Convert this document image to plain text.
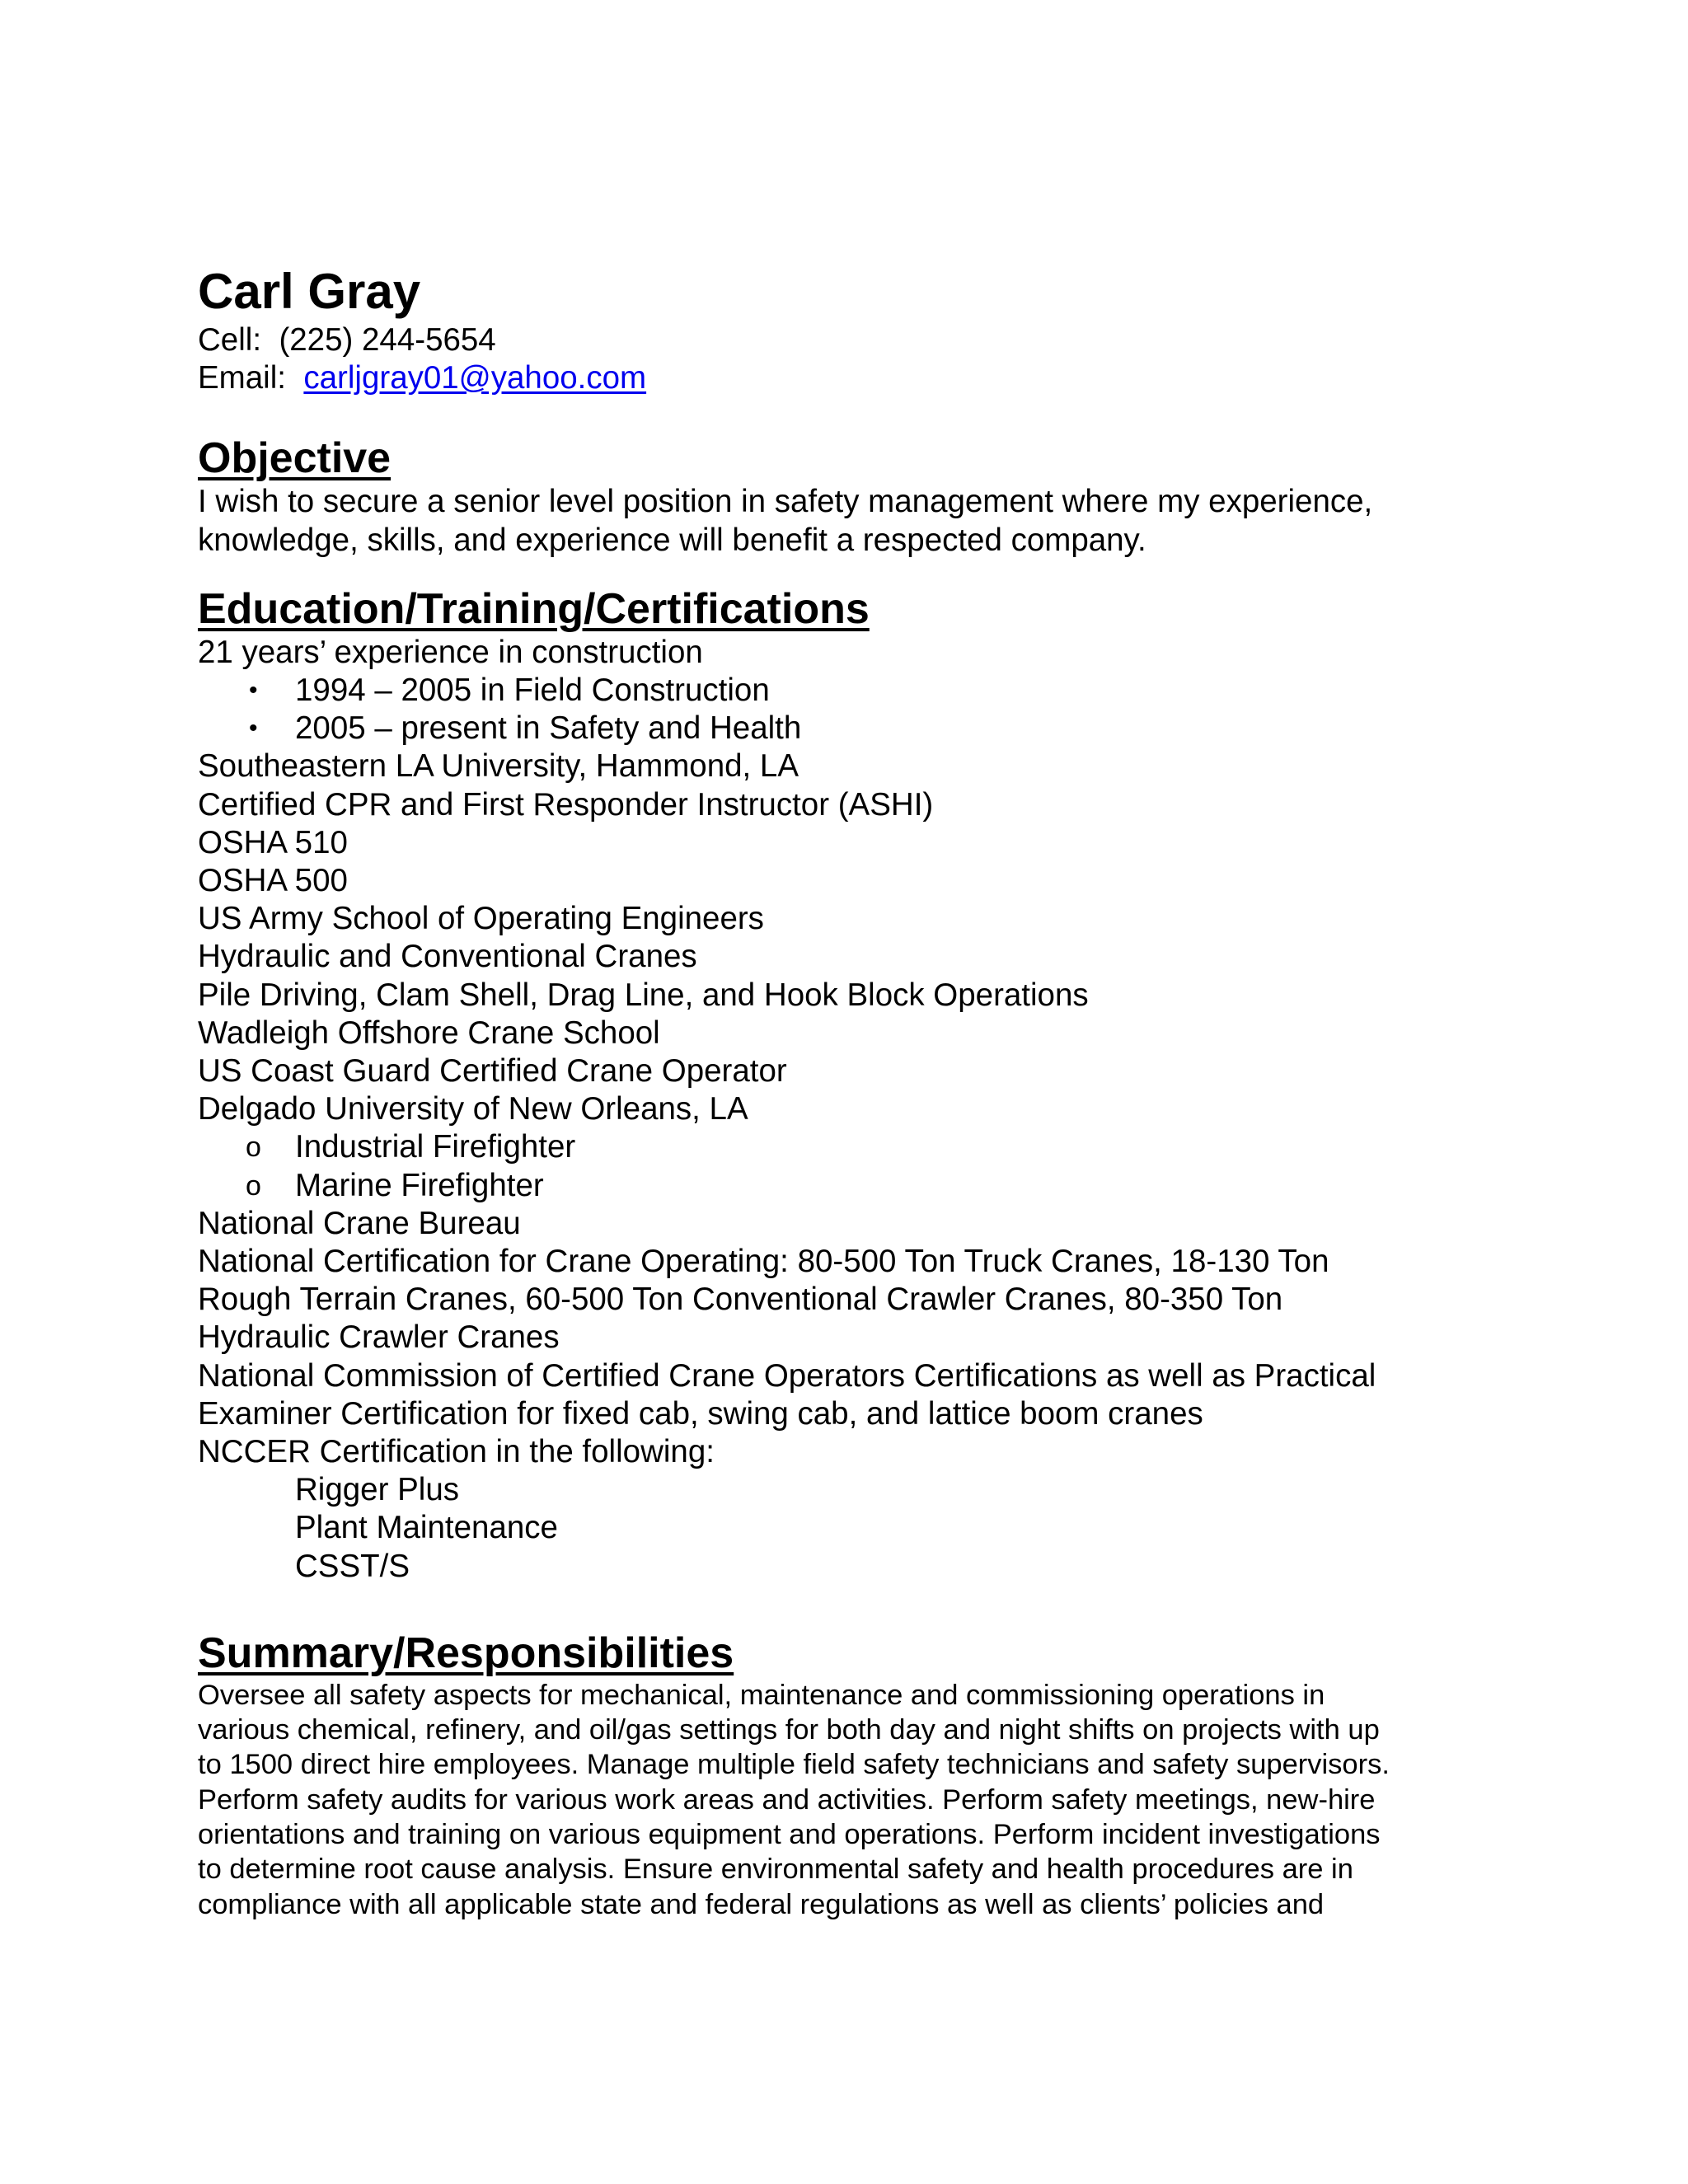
Carl Gray
Cell: (225) 244-5654
Email: carljgray01@yahoo.com
Objective
I wish to secure a senior level position in safety management where my experience,
knowledge, skills, and experience will benefit a respected company.
Education/Training/Certifications
21 years’ experience in construction
• 1994 – 2005 in Field Construction
• 2005 – present in Safety and Health
Southeastern LA University, Hammond, LA
Certified CPR and First Responder Instructor (ASHI)
OSHA 510
OSHA 500
US Army School of Operating Engineers
Hydraulic and Conventional Cranes
Pile Driving, Clam Shell, Drag Line, and Hook Block Operations
Wadleigh Offshore Crane School
US Coast Guard Certified Crane Operator
Delgado University of New Orleans, LA
o Industrial Firefighter
o Marine Firefighter
National Crane Bureau
National Certification for Crane Operating: 80-500 Ton Truck Cranes, 18-130 Ton
Rough Terrain Cranes, 60-500 Ton Conventional Crawler Cranes, 80-350 Ton
Hydraulic Crawler Cranes
National Commission of Certified Crane Operators Certifications as well as Practical
Examiner Certification for fixed cab, swing cab, and lattice boom cranes
NCCER Certification in the following:
Rigger Plus
Plant Maintenance
CSST/S
Summary/Responsibilities
Oversee all safety aspects for mechanical, maintenance and commissioning operations in
various chemical, refinery, and oil/gas settings for both day and night shifts on projects with up
to 1500 direct hire employees. Manage multiple field safety technicians and safety supervisors.
Perform safety audits for various work areas and activities. Perform safety meetings, new-hire
orientations and training on various equipment and operations. Perform incident investigations
to determine root cause analysis. Ensure environmental safety and health procedures are in
compliance with all applicable state and federal regulations as well as clients’ policies and
